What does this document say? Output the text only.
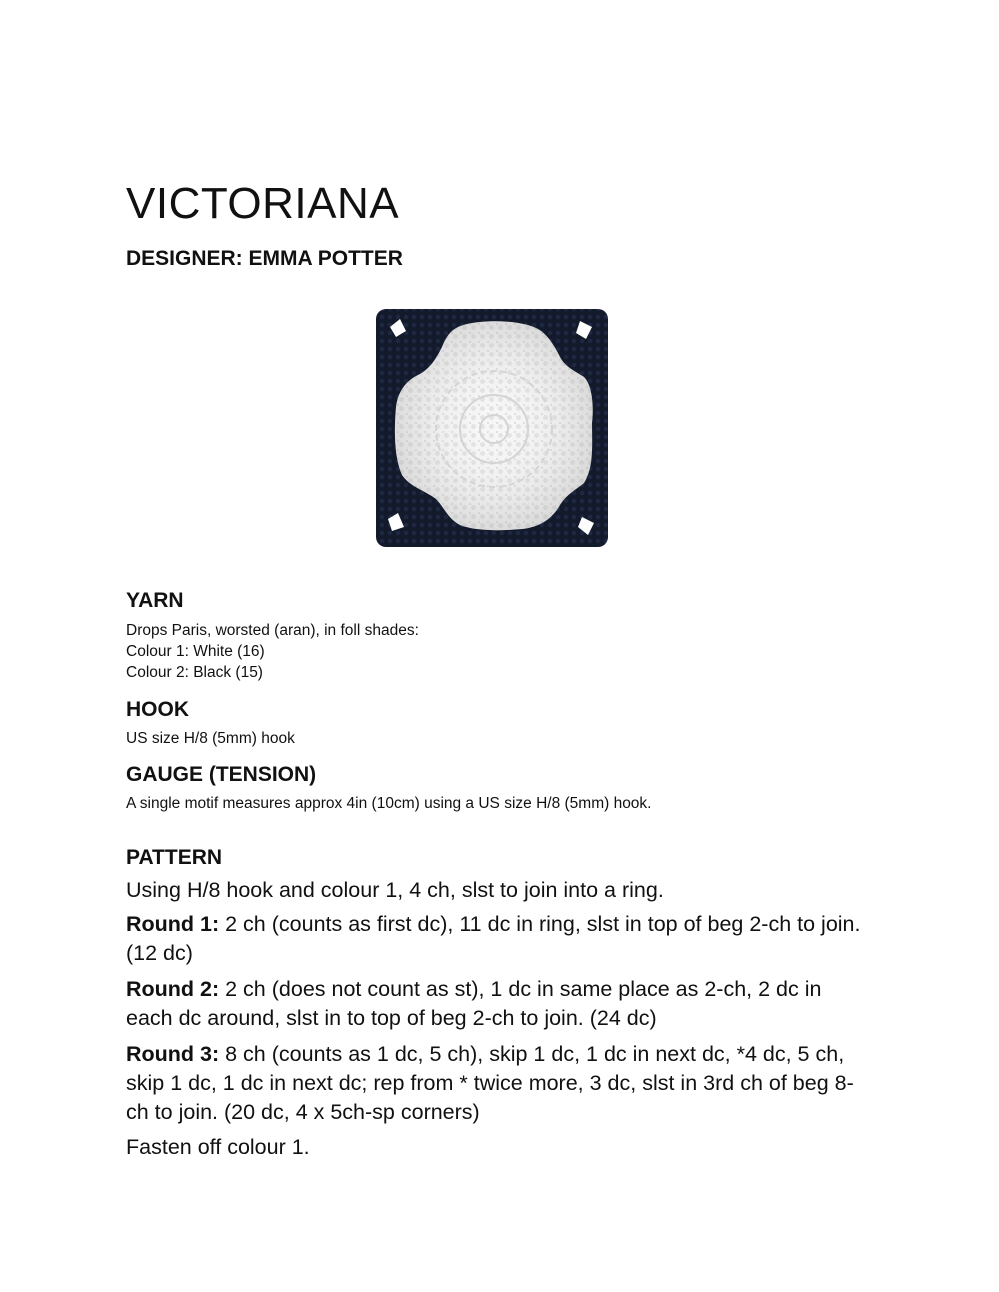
VICTORIANA
DESIGNER: EMMA POTTER
YARN

Drops Paris, worsted (aran), in foll shades:

Colour 1: White (16)

Colour 2: Black (15)

HOOK

US size H/8 (5mm) hook

GAUGE (TENSION)

A single motif measures approx 4in (10cm) using a US size H/8 (5mm) hook.

PATTERN

Using H/8 hook and colour 1, 4 ch, slst to join into a ring.

Round 1: 2 ch (counts as first dc), 11 dc in ring, slst in top of beg 2-ch to join. (12 dc)

Round 2: 2 ch (does not count as st), 1 dc in same place as 2-ch, 2 dc in each dc around, slst in to top of beg 2-ch to join. (24 dc)

Round 3: 8 ch (counts as 1 dc, 5 ch), skip 1 dc, 1 dc in next dc, *4 dc, 5 ch, skip 1 dc, 1 dc in next dc; rep from * twice more, 3 dc, slst in 3rd ch of beg 8-ch to join. (20 dc, 4 x 5ch-sp corners)

Fasten off colour 1.
